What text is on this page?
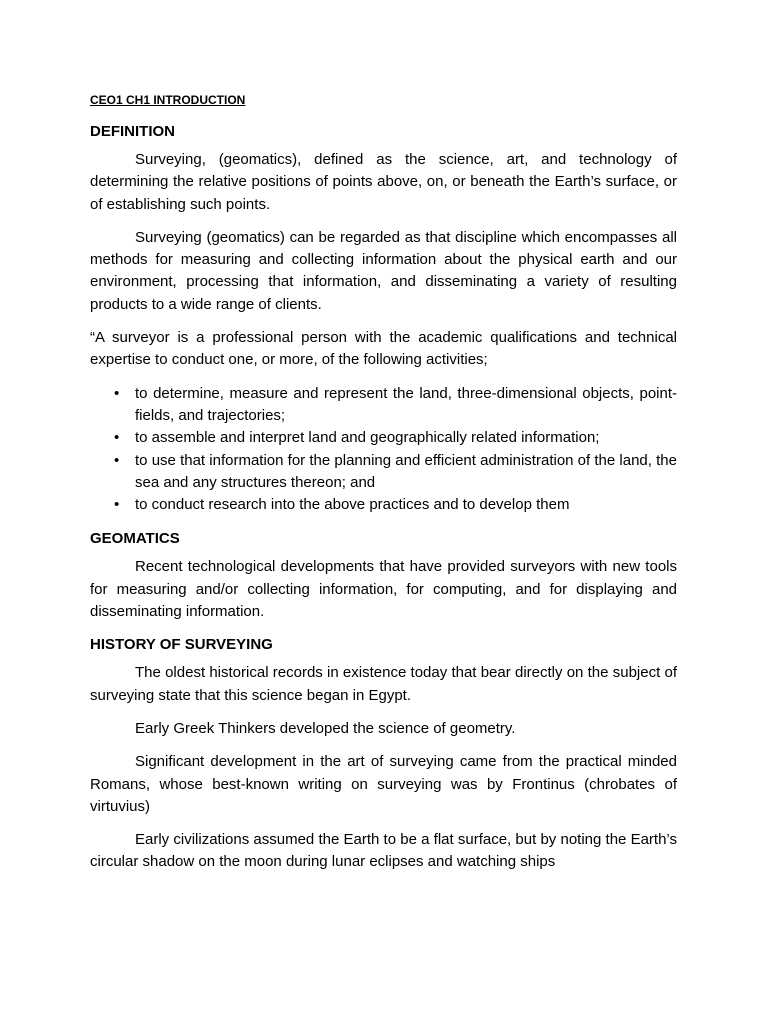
CEO1 CH1 INTRODUCTION
DEFINITION

Surveying, (geomatics), defined as the science, art, and technology of determining the relative positions of points above, on, or beneath the Earth’s surface, or of establishing such points.

Surveying (geomatics) can be regarded as that discipline which encompasses all methods for measuring and collecting information about the physical earth and our environment, processing that information, and disseminating a variety of resulting products to a wide range of clients.

“A surveyor is a professional person with the academic qualifications and technical expertise to conduct one, or more, of the following activities;

• to determine, measure and represent the land, three-dimensional objects, point-fields, and trajectories;
• to assemble and interpret land and geographically related information;
• to use that information for the planning and efficient administration of the land, the sea and any structures thereon; and
• to conduct research into the above practices and to develop them
GEOMATICS

Recent technological developments that have provided surveyors with new tools for measuring and/or collecting information, for computing, and for displaying and disseminating information.

HISTORY OF SURVEYING

The oldest historical records in existence today that bear directly on the subject of surveying state that this science began in Egypt.

Early Greek Thinkers developed the science of geometry.

Significant development in the art of surveying came from the practical minded Romans, whose best-known writing on surveying was by Frontinus (chrobates of virtuvius)

Early civilizations assumed the Earth to be a flat surface, but by noting the Earth’s circular shadow on the moon during lunar eclipses and watching ships
